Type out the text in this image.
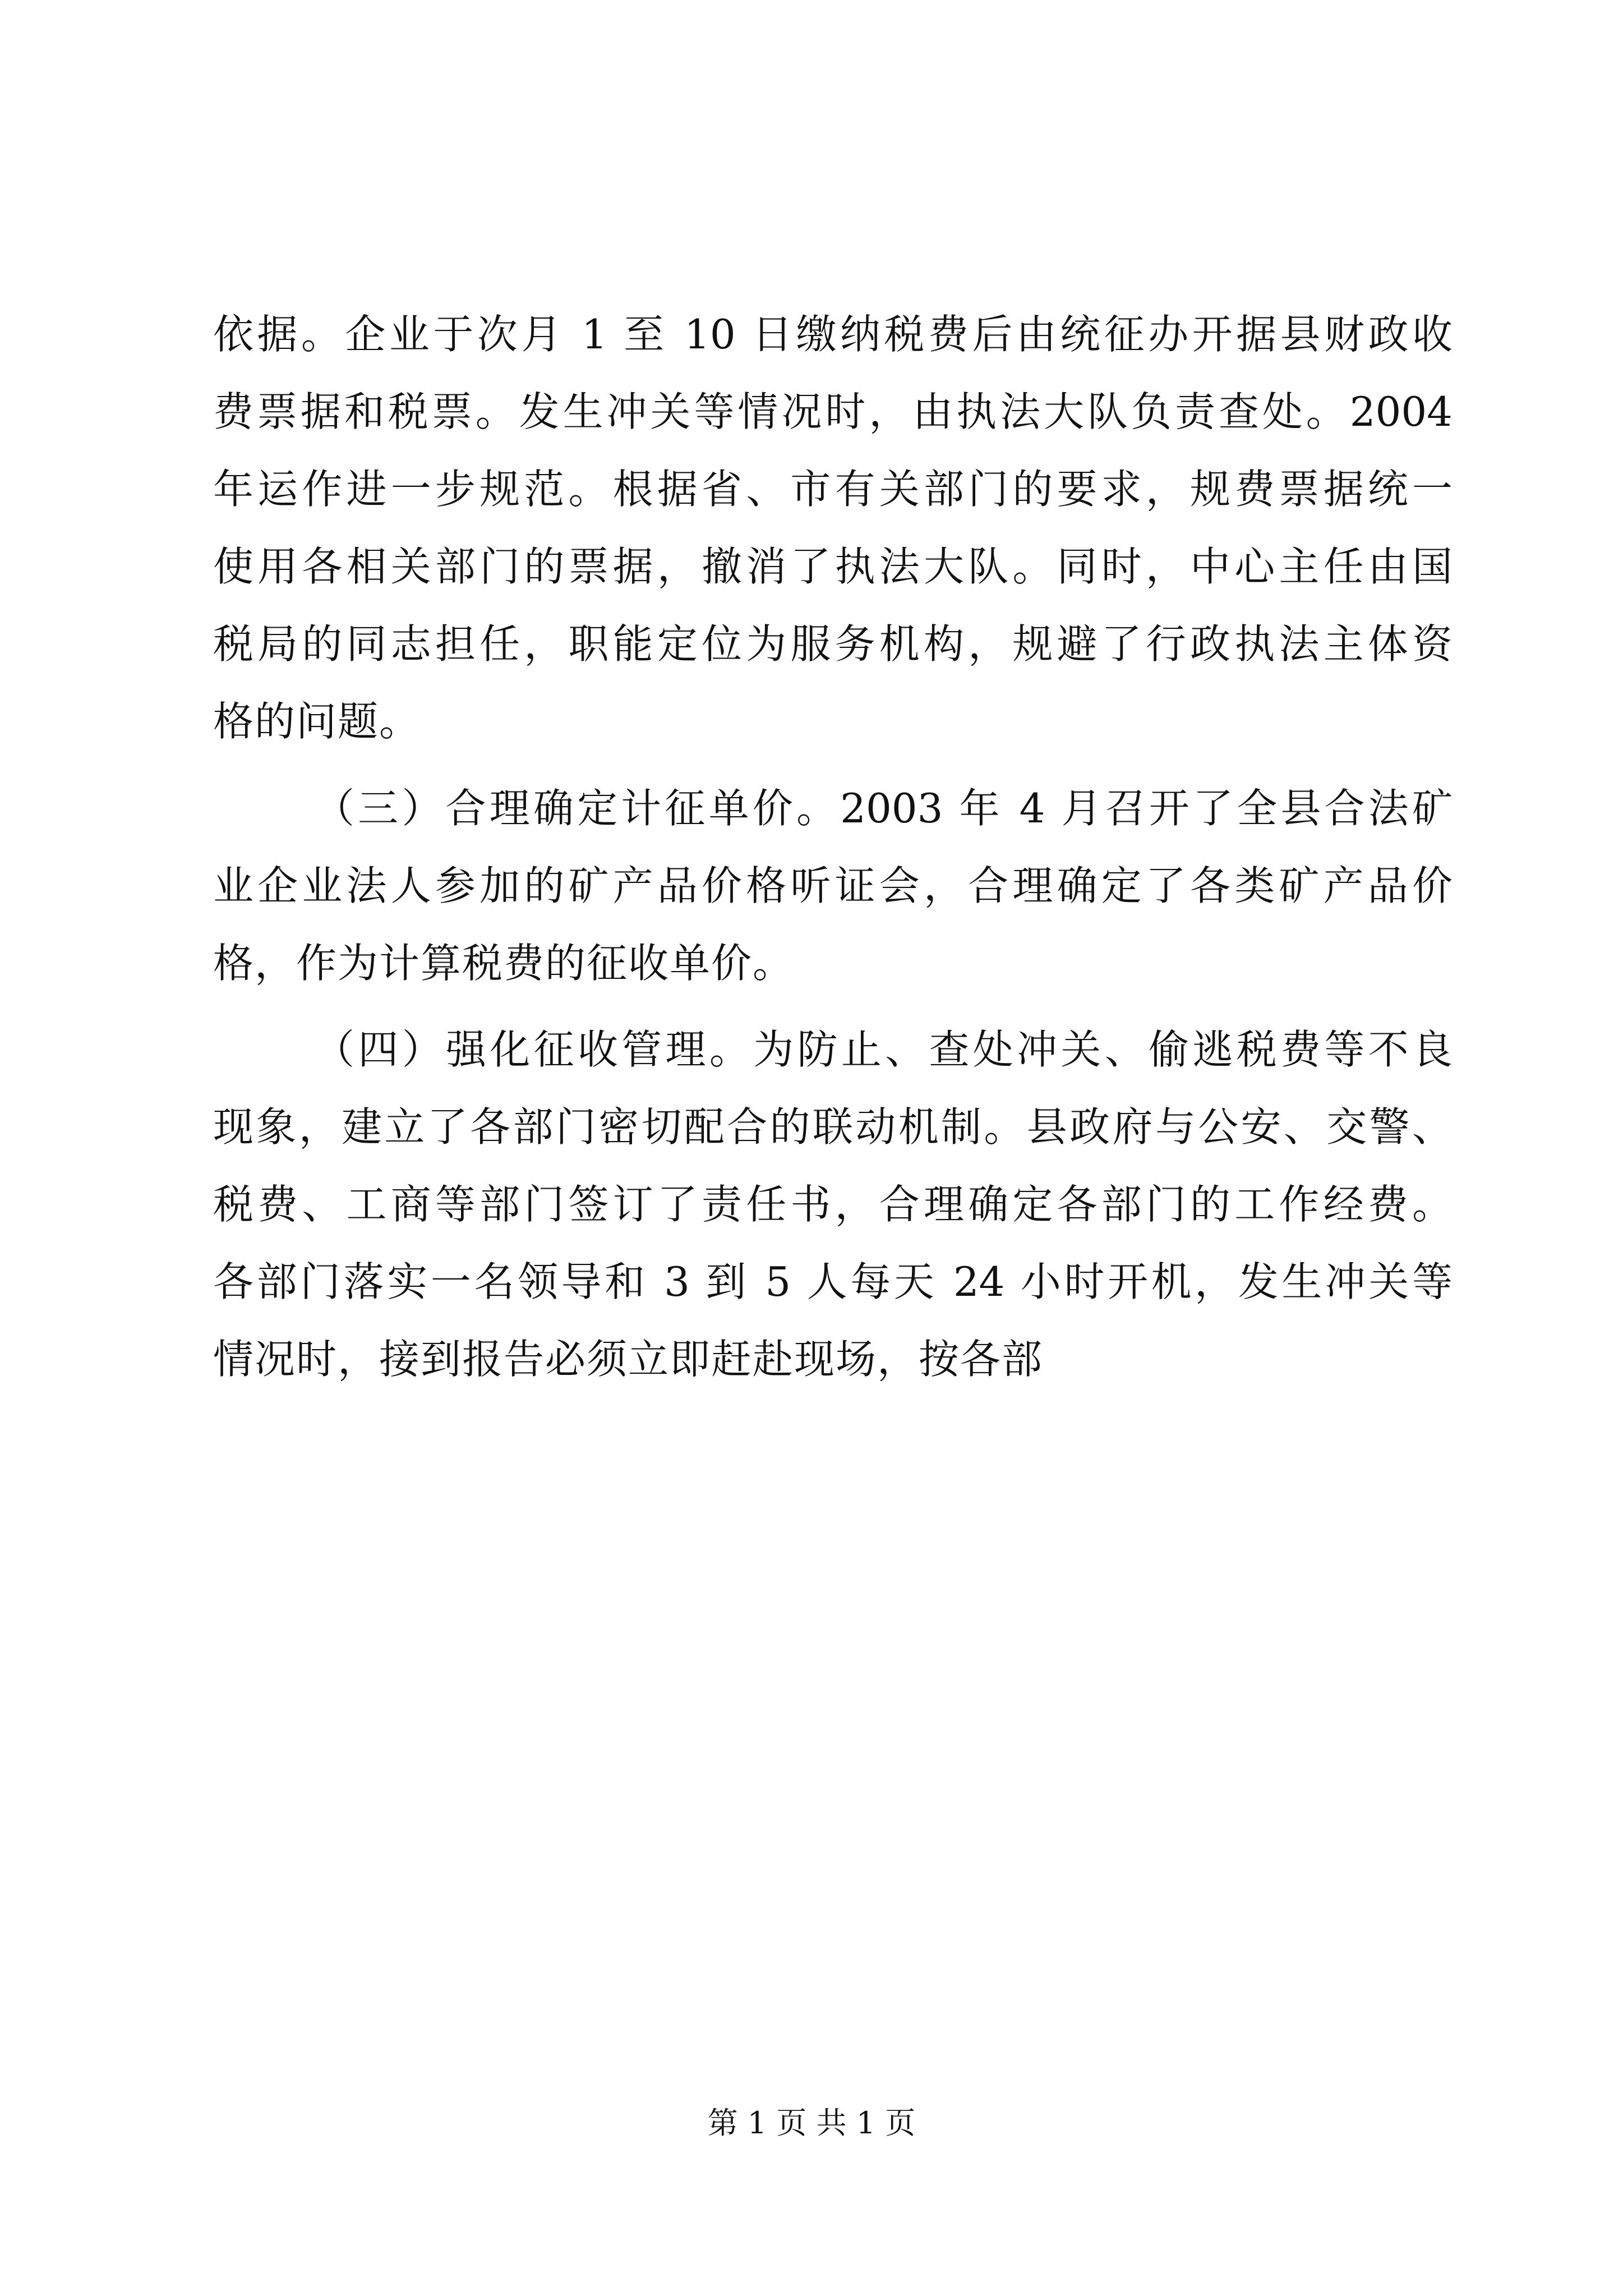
依据。企业于次月 1 至 10 日缴纳税费后由统征办开据县财政收
费票据和税票。发生冲关等情况时，由执法大队负责查处。2004
年运作进一步规范。根据省、市有关部门的要求，规费票据统一
使用各相关部门的票据，撤消了执法大队。同时，中心主任由国
税局的同志担任，职能定位为服务机构，规避了行政执法主体资
格的问题。
（三）合理确定计征单价。2003 年 4 月召开了全县合法矿
业企业法人参加的矿产品价格听证会，合理确定了各类矿产品价
格，作为计算税费的征收单价。
（四）强化征收管理。为防止、查处冲关、偷逃税费等不良
现象，建立了各部门密切配合的联动机制。县政府与公安、交警、
税费、工商等部门签订了责任书，合理确定各部门的工作经费。
各部门落实一名领导和 3 到 5 人每天 24 小时开机，发生冲关等
情况时，接到报告必须立即赶赴现场，按各部
第 1 页 共 1 页
